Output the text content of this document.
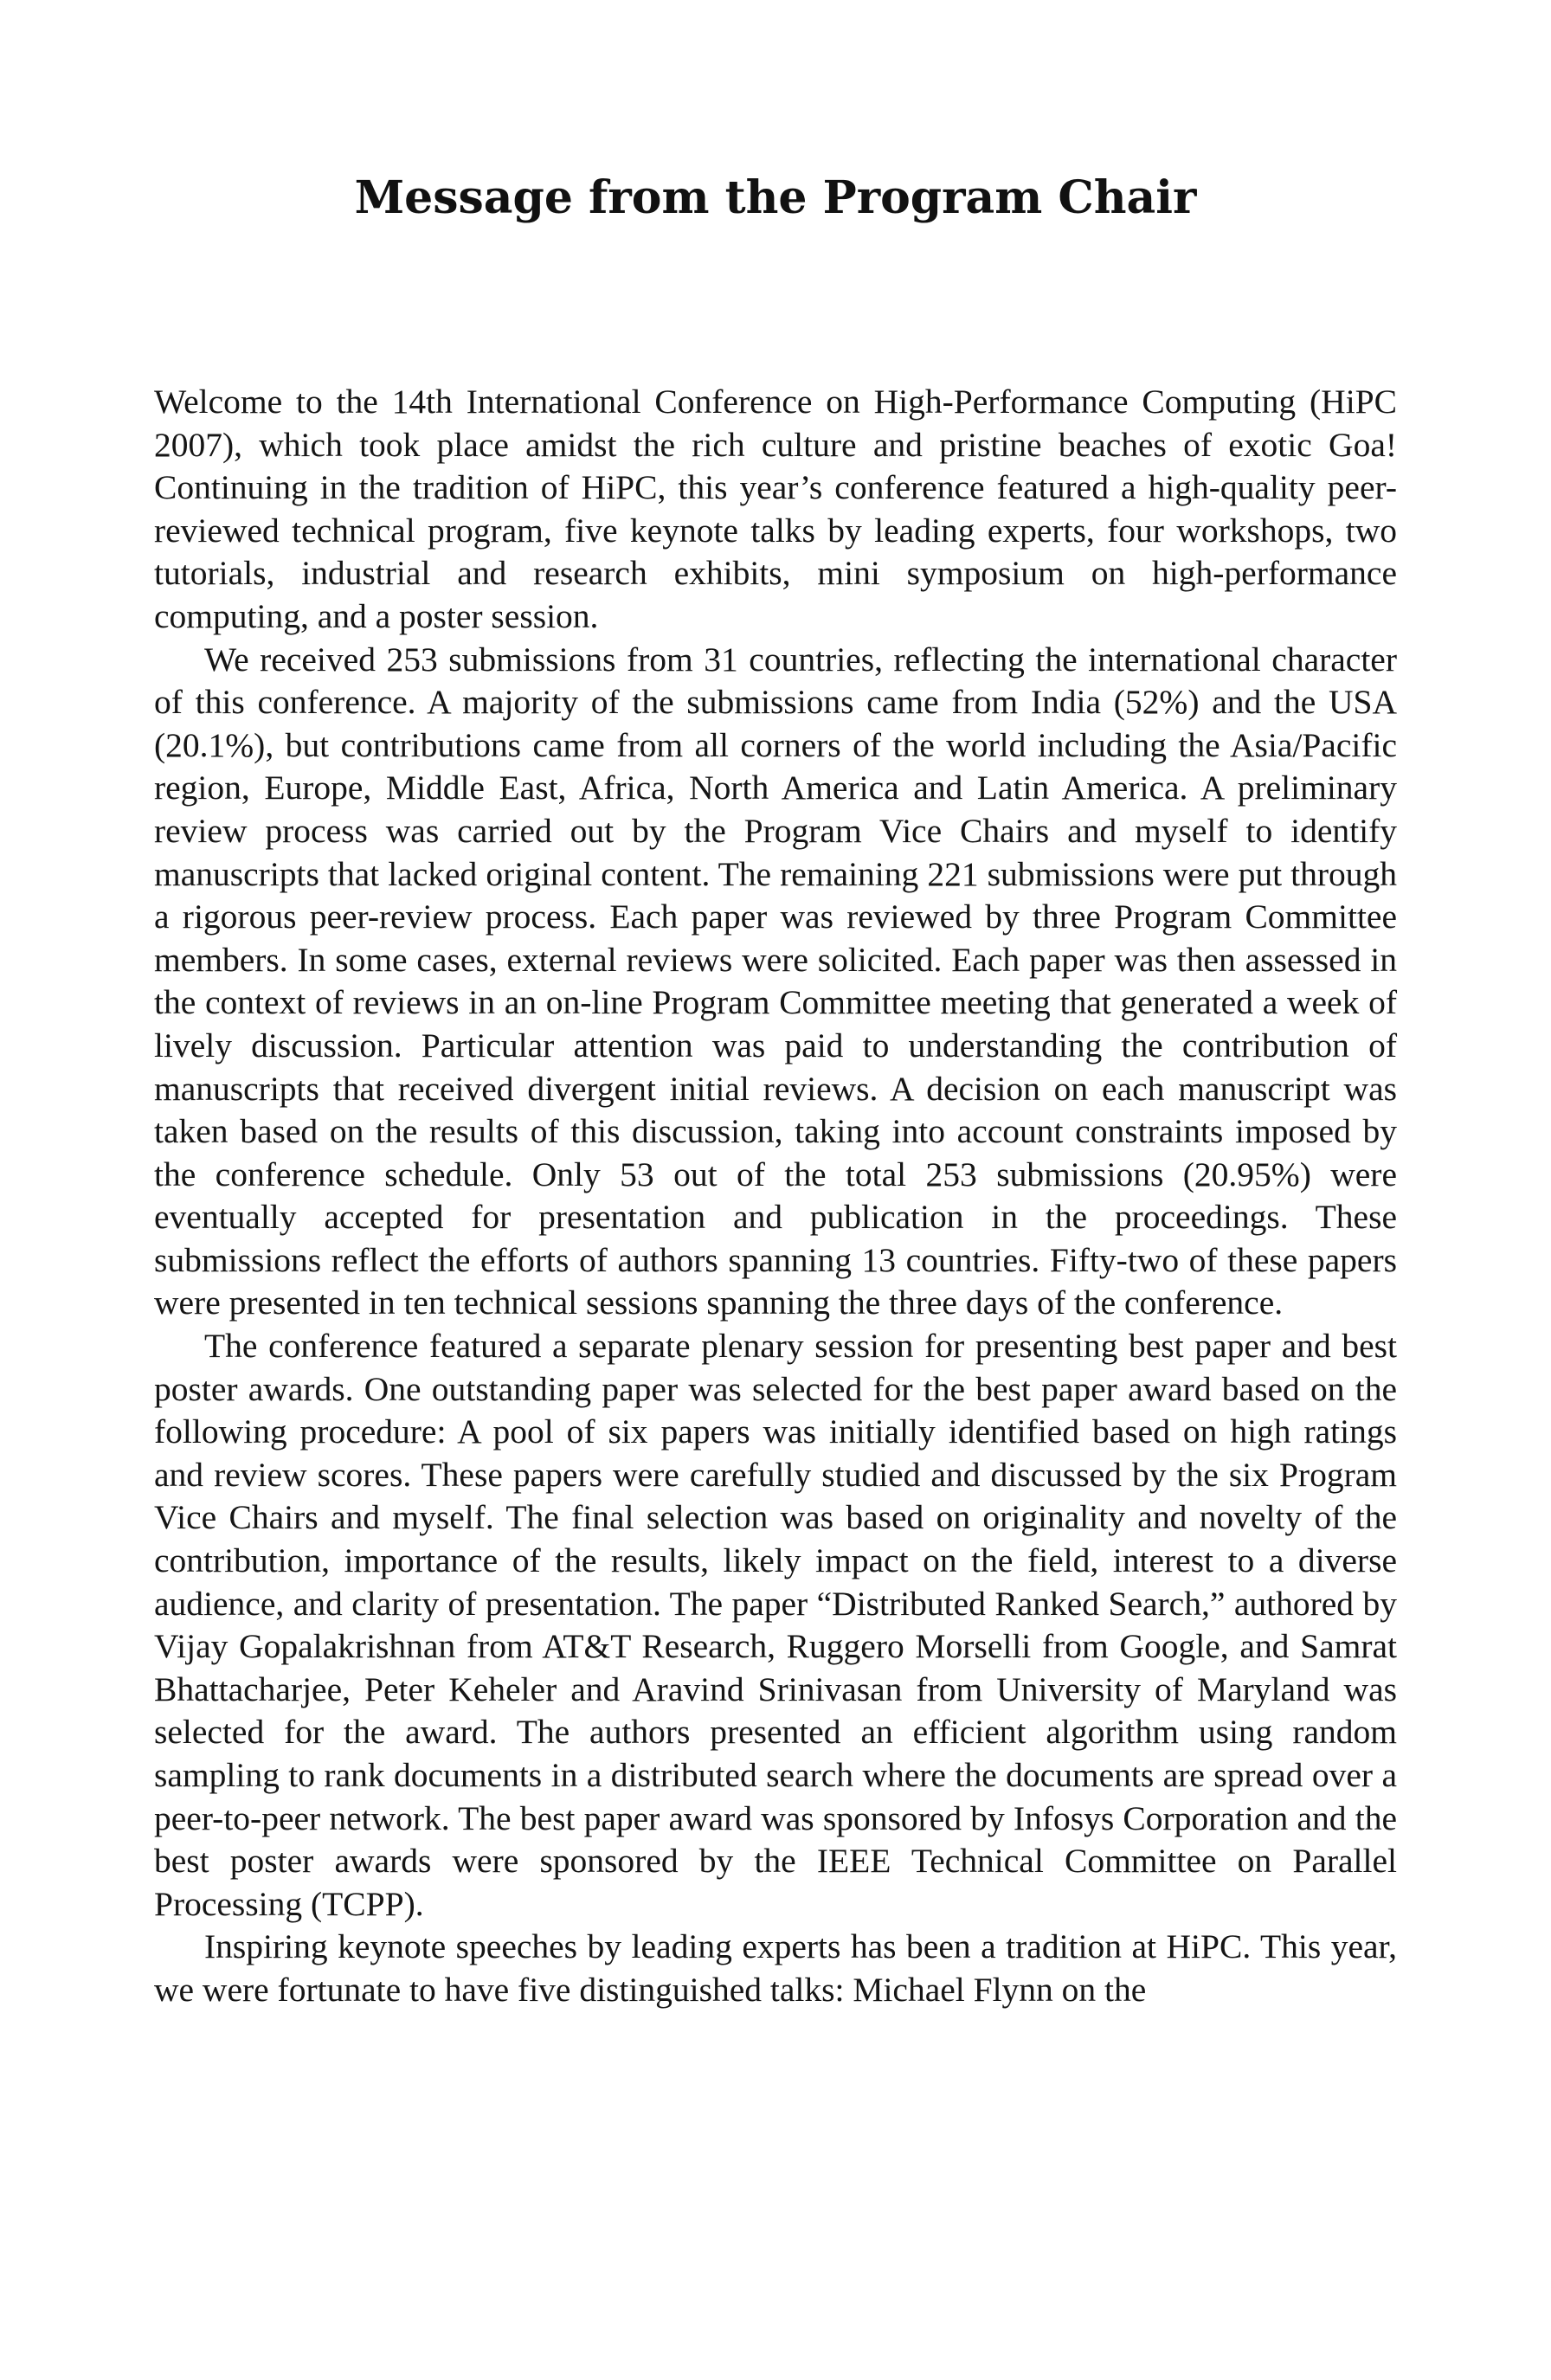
Message from the Program Chair

Welcome to the 14th International Conference on High-Performance Computing (HiPC 2007), which took place amidst the rich culture and pristine beaches of exotic Goa! Continuing in the tradition of HiPC, this year’s conference featured a high-quality peer-reviewed technical program, five keynote talks by leading experts, four workshops, two tutorials, industrial and research exhibits, mini symposium on high-performance computing, and a poster session.

We received 253 submissions from 31 countries, reflecting the international character of this conference. A majority of the submissions came from India (52%) and the USA (20.1%), but contributions came from all corners of the world including the Asia/Pacific region, Europe, Middle East, Africa, North America and Latin America. A preliminary review process was carried out by the Program Vice Chairs and myself to identify manuscripts that lacked original content. The remaining 221 submissions were put through a rigorous peer-review process. Each paper was reviewed by three Program Committee members. In some cases, external reviews were solicited. Each paper was then assessed in the context of reviews in an on-line Program Committee meeting that generated a week of lively discussion. Particular attention was paid to understanding the contribution of manuscripts that received divergent initial reviews. A decision on each manuscript was taken based on the results of this discussion, taking into account constraints imposed by the conference schedule. Only 53 out of the total 253 submissions (20.95%) were eventually accepted for presentation and publication in the proceedings. These submissions reflect the efforts of authors spanning 13 countries. Fifty-two of these papers were presented in ten technical sessions spanning the three days of the conference.

The conference featured a separate plenary session for presenting best paper and best poster awards. One outstanding paper was selected for the best paper award based on the following procedure: A pool of six papers was initially identified based on high ratings and review scores. These papers were carefully studied and discussed by the six Program Vice Chairs and myself. The final selection was based on originality and novelty of the contribution, importance of the results, likely impact on the field, interest to a diverse audience, and clarity of presentation. The paper “Distributed Ranked Search,” authored by Vijay Gopalakrishnan from AT&T Research, Ruggero Morselli from Google, and Samrat Bhattacharjee, Peter Keheler and Aravind Srinivasan from University of Maryland was selected for the award. The authors presented an efficient algorithm using random sampling to rank documents in a distributed search where the documents are spread over a peer-to-peer network. The best paper award was sponsored by Infosys Corporation and the best poster awards were sponsored by the IEEE Technical Committee on Parallel Processing (TCPP).

Inspiring keynote speeches by leading experts has been a tradition at HiPC. This year, we were fortunate to have five distinguished talks: Michael Flynn on the
